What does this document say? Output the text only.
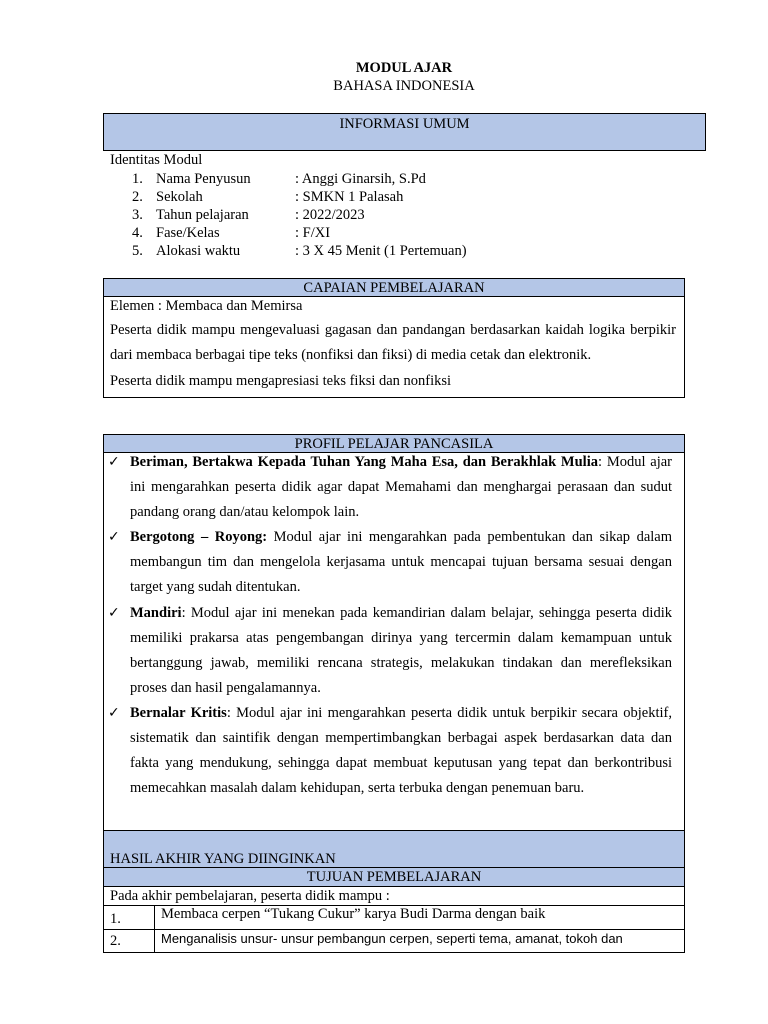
MODUL AJAR
BAHASA INDONESIA
INFORMASI UMUM
Identitas Modul
1. Nama Penyusun	: Anggi Ginarsih, S.Pd
2. Sekolah	: SMKN 1 Palasah
3. Tahun pelajaran	: 2022/2023
4. Fase/Kelas	: F/XI
5. Alokasi waktu	: 3 X 45 Menit (1 Pertemuan)
CAPAIAN PEMBELAJARAN
Elemen : Membaca dan Memirsa
Peserta didik mampu mengevaluasi gagasan dan pandangan berdasarkan kaidah logika berpikir dari membaca berbagai tipe teks (nonfiksi dan fiksi) di media cetak dan elektronik.
Peserta didik mampu mengapresiasi teks fiksi dan nonfiksi
PROFIL PELAJAR PANCASILA

✓ Beriman, Bertakwa Kepada Tuhan Yang Maha Esa, dan Berakhlak Mulia: Modul ajar ini mengarahkan peserta didik agar dapat Memahami dan menghargai perasaan dan sudut pandang orang dan/atau kelompok lain.

✓ Bergotong – Royong: Modul ajar ini mengarahkan pada pembentukan dan sikap dalam membangun tim dan mengelola kerjasama untuk mencapai tujuan bersama sesuai dengan target yang sudah ditentukan.

✓ Mandiri: Modul ajar ini menekan pada kemandirian dalam belajar, sehingga peserta didik memiliki prakarsa atas pengembangan dirinya yang tercermin dalam kemampuan untuk bertanggung jawab, memiliki rencana strategis, melakukan tindakan dan merefleksikan proses dan hasil pengalamannya.

✓ Bernalar Kritis: Modul ajar ini mengarahkan peserta didik untuk berpikir secara objektif, sistematik dan saintifik dengan mempertimbangkan berbagai aspek berdasarkan data dan fakta yang mendukung, sehingga dapat membuat keputusan yang tepat dan berkontribusi memecahkan masalah dalam kehidupan, serta terbuka dengan penemuan baru.

HASIL AKHIR YANG DIINGINKAN
TUJUAN PEMBELAJARAN
Pada akhir pembelajaran, peserta didik mampu :
1.	Membaca cerpen “Tukang Cukur” karya Budi Darma dengan baik
2.	Menganalisis unsur- unsur pembangun cerpen, seperti tema, amanat, tokoh dan
